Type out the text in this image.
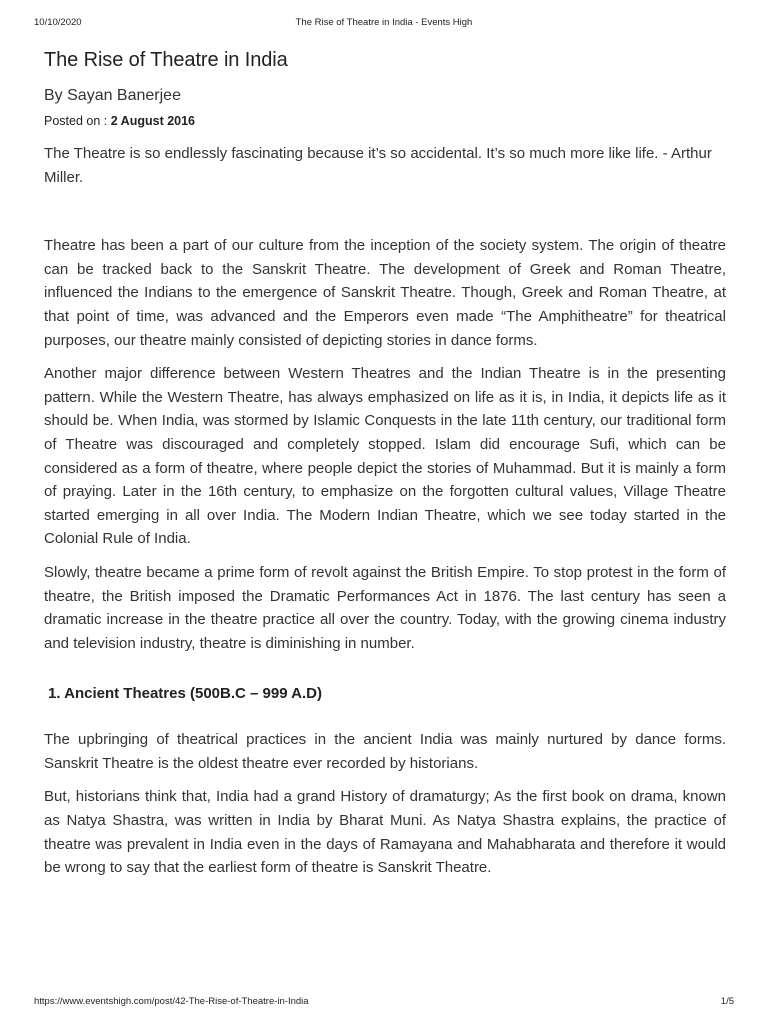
10/10/2020	The Rise of Theatre in India - Events High
The Rise of Theatre in India
By Sayan Banerjee
Posted on : 2 August 2016

The Theatre is so endlessly fascinating because it’s so accidental. It’s so much more like life. - Arthur Miller.

Theatre has been a part of our culture from the inception of the society system. The origin of theatre can be tracked back to the Sanskrit Theatre. The development of Greek and Roman Theatre, influenced the Indians to the emergence of Sanskrit Theatre. Though, Greek and Roman Theatre, at that point of time, was advanced and the Emperors even made “The Amphitheatre” for theatrical purposes, our theatre mainly consisted of depicting stories in dance forms.

Another major difference between Western Theatres and the Indian Theatre is in the presenting pattern. While the Western Theatre, has always emphasized on life as it is, in India, it depicts life as it should be. When India, was stormed by Islamic Conquests in the late 11th century, our traditional form of Theatre was discouraged and completely stopped. Islam did encourage Sufi, which can be considered as a form of theatre, where people depict the stories of Muhammad. But it is mainly a form of praying. Later in the 16th century, to emphasize on the forgotten cultural values, Village Theatre started emerging in all over India. The Modern Indian Theatre, which we see today started in the Colonial Rule of India.

Slowly, theatre became a prime form of revolt against the British Empire. To stop protest in the form of theatre, the British imposed the Dramatic Performances Act in 1876. The last century has seen a dramatic increase in the theatre practice all over the country. Today, with the growing cinema industry and television industry, theatre is diminishing in number.

1. Ancient Theatres (500B.C – 999 A.D)

The upbringing of theatrical practices in the ancient India was mainly nurtured by dance forms. Sanskrit Theatre is the oldest theatre ever recorded by historians.

But, historians think that, India had a grand History of dramaturgy; As the first book on drama, known as Natya Shastra, was written in India by Bharat Muni. As Natya Shastra explains, the practice of theatre was prevalent in India even in the days of Ramayana and Mahabharata and therefore it would be wrong to say that the earliest form of theatre is Sanskrit Theatre.

https://www.eventshigh.com/post/42-The-Rise-of-Theatre-in-India	1/5
